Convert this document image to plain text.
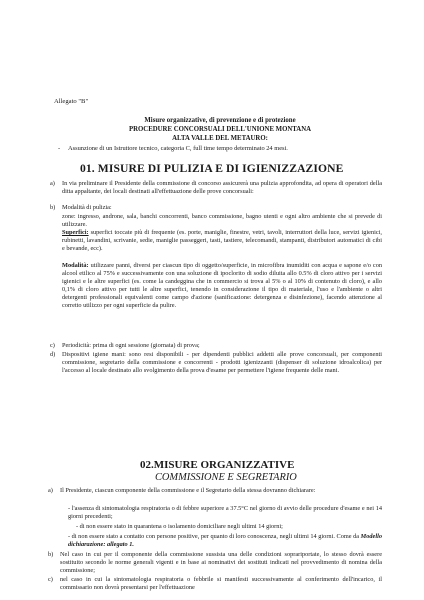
Allegato "B"
Misure organizzative, di prevenzione e di protezione
PROCEDURE CONCORSUALI DELL'UNIONE MONTANA
ALTA VALLE DEL METAURO:
- Assunzione di un Istruttore tecnico, categoria C, full time tempo determinato 24 mesi.
01. MISURE DI PULIZIA E DI IGIENIZZAZIONE
a) In via preliminare il Presidente della commissione di concorso assicurerà una pulizia approfondita, ad opera di operatori della ditta appaltante, dei locali destinati all'effettuazione delle prove concorsuali:

b) Modalità di pulizia:

zone: ingresso, androne, sala, banchi concorrenti, banco commissione, bagno utenti e ogni altro ambiente che si prevede di utilizzare.

Superfici: superfici toccate più di frequente (es. porte, maniglie, finestre, vetri, tavoli, interruttori della luce, servizi igienici, rubinetti, lavandini, scrivanie, sedie, maniglie passeggeri, tasti, tastiere, telecomandi, stampanti, distributori automatici di cibi e bevande, ecc).

Modalità: utilizzare panni, diversi per ciascun tipo di oggetto/superficie, in microfibra inumiditi con acqua e sapone e/o con alcool etilico al 75% e successivamente con una soluzione di ipoclorito di sodio diluita allo 0.5% di cloro attivo per i servizi igienici e le altre superfici (es. come la candeggina che in commercio si trova al 5% o al 10% di contenuto di cloro), e allo 0,1% di cloro attivo per tutti le altre superfici, tenendo in considerazione il tipo di materiale, l'uso e l'ambiente o altri detergenti professionali equivalenti come campo d'azione (sanificazione: detergenza e disinfezione), facendo attenzione al corretto utilizzo per ogni superficie da pulire.

c) Periodicità: prima di ogni sessione (giornata) di prova;

d) Dispositivi igiene mani: sono resi disponibili - per dipendenti pubblici addetti alle prove concorsuali, per componenti commissione, segretario della commissione e concorrenti - prodotti igienizzanti (dispenser di soluzione idroalcolica) per l'accesso al locale destinato allo svolgimento della prova d'esame per permettere l'igiene frequente delle mani.

02.MISURE ORGANIZZATIVE
COMMISSIONE E SEGRETARIO
a) Il Presidente, ciascun componente della commissione e il Segretario della stessa dovranno dichiarare:

- l'assenza di sintomatologia respiratoria o di febbre superiore a 37.5°C nel giorno di avvio delle procedure d'esame e nei 14 giorni precedenti;

- di non essere stato in quarantena o isolamento domiciliare negli ultimi 14 giorni;

- di non essere stato a contatto con persone positive, per quanto di loro conoscenza, negli ultimi 14 giorni. Come da Modello dichiarazione: allegato 1.

b) Nel caso in cui per il componente della commissione sussista una delle condizioni soprariportate, lo stesso dovrà essere sostituito secondo le norme generali vigenti e in base ai nominativi dei sostituti indicati nel provvedimento di nomina della commissione;

c) nel caso in cui la sintomatologia respiratoria o febbrile si manifesti successivamente al conferimento dell'incarico, il commissario non dovrà presentarsi per l'effettuazione
